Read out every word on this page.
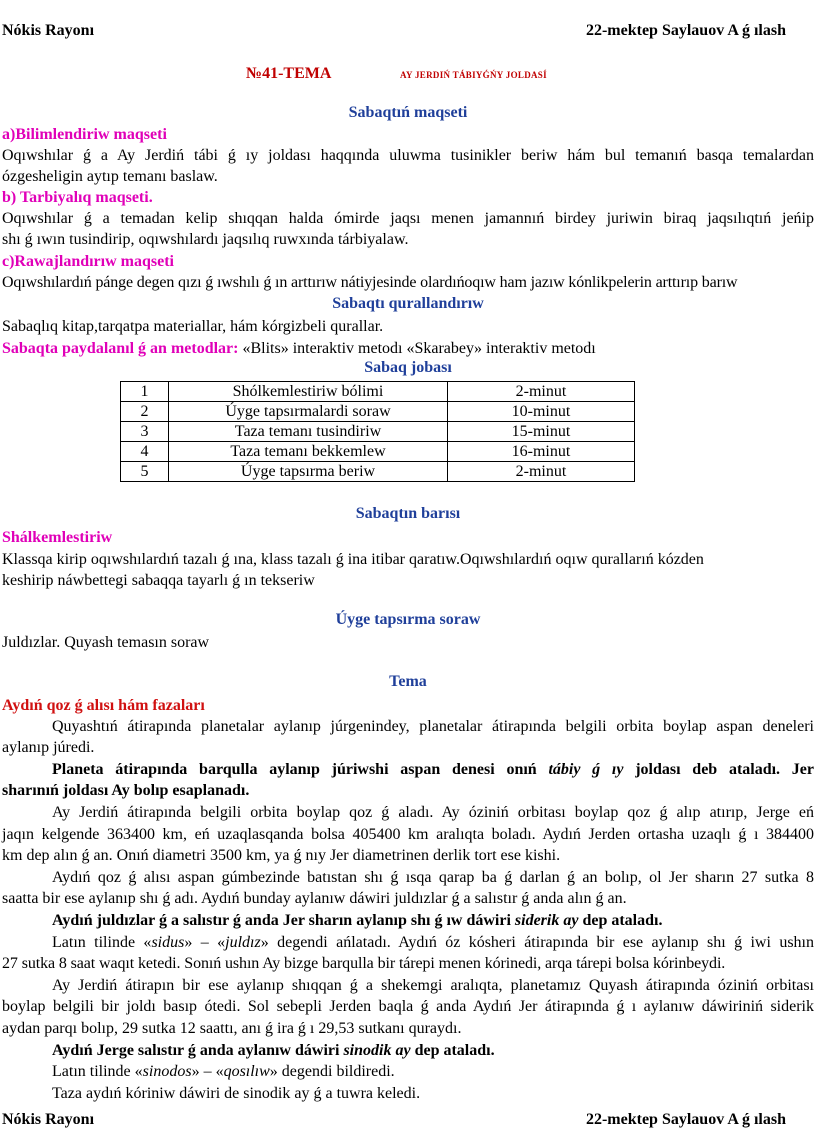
Nókis Rayonı	22-mektep Saylauov A ǵ ılash
№41-TEMA	AY JERDIŃ TÁBIYǴŃY JOLDASÍ
Sabaqtıń maqseti
a)Bilimlendiriw maqseti
Oqıwshılar ǵ a Ay Jerdiń tábi ǵ ıy joldası haqqında uluwma tusinikler beriw hám bul temanıń basqa temalardan
ózgesheligin aytıp temanı baslaw.
b) Tarbiyalıq maqseti.
Oqıwshılar ǵ a temadan kelip shıqqan halda ómirde jaqsı menen jamannıń birdey juriwin biraq jaqsılıqtıń jeńip
shı ǵ ıwın tusindirip, oqıwshılardı jaqsılıq ruwxında tárbiyalaw.
c)Rawajlandırıw maqseti
Oqıwshılardıń pánge degen qızı ǵ ıwshılı ǵ ın arttırıw nátiyjesinde olardıńoqıw ham jazıw kónlikpelerin arttırıp barıw
Sabaqtı qurallandırıw
Sabaqlıq kitap,tarqatpa materiallar, hám kórgizbeli qurallar.
Sabaqta paydalanıl ǵ an metodlar: «Blits» interaktiv metodı «Skarabey» interaktiv metodı
Sabaq jobası
1	Shólkemlestiriw bólimi	2-minut
2	Úyge tapsırmalardi soraw	10-minut
3	Taza temanı tusindiriw	15-minut
4	Taza temanı bekkemlew	16-minut
5	Úyge tapsırma beriw	2-minut
Sabaqtın barısı
Shálkemlestiriw
Klassqa kirip oqıwshılardıń tazalı ǵ ına, klass tazalı ǵ ina itibar qaratıw.Oqıwshılardıń oqıw qurallarıń kózden
keshirip náwbettegi sabaqqa tayarlı ǵ ın tekseriw
Úyge tapsırma soraw
Juldızlar. Quyash temasın soraw
Tema
Aydıń qoz ǵ alısı hám fazaları
Quyashtıń átirapında planetalar aylanıp júrgenindey, planetalar átirapında belgili orbita boylap aspan deneleri
aylanıp júredi.
Planeta átirapında barqulla aylanıp júriwshi aspan denesi onıń tábiy ǵ ıy joldası deb ataladı. Jer
sharınıń joldası Ay bolıp esaplanadı.
Ay Jerdiń átirapında belgili orbita boylap qoz ǵ aladı. Ay óziniń orbitası boylap qoz ǵ alıp atırıp, Jerge eń
jaqın kelgende 363400 km, eń uzaqlasqanda bolsa 405400 km aralıqta boladı. Aydıń Jerden ortasha uzaqlı ǵ ı 384400
km dep alın ǵ an. Onıń diametri 3500 km, ya ǵ nıy Jer diametrinen derlik tort ese kishi.
Aydıń qoz ǵ alısı aspan gúmbezinde batıstan shı ǵ ısqa qarap ba ǵ darlan ǵ an bolıp, ol Jer sharın 27 sutka 8
saatta bir ese aylanıp shı ǵ adı. Aydıń bunday aylanıw dáwiri juldızlar ǵ a salıstır ǵ anda alın ǵ an.
Aydıń juldızlar ǵ a salıstır ǵ anda Jer sharın aylanıp shı ǵ ıw dáwiri siderik ay dep ataladı.
Latın tilinde «sidus» – «juldız» degendi ańlatadı. Aydıń óz kósheri átirapında bir ese aylanıp shı ǵ iwi ushın
27 sutka 8 saat waqıt ketedi. Sonıń ushın Ay bizge barqulla bir tárepi menen kórinedi, arqa tárepi bolsa kórinbeydi.
Ay Jerdiń átirapın bir ese aylanıp shıqqan ǵ a shekemgi aralıqta, planetamız Quyash átirapında óziniń orbitası
boylap belgili bir joldı basıp ótedi. Sol sebepli Jerden baqla ǵ anda Aydıń Jer átirapında ǵ ı aylanıw dáwiriniń siderik
aydan parqı bolıp, 29 sutka 12 saattı, anı ǵ ira ǵ ı 29,53 sutkanı quraydı.
Aydıń Jerge salıstır ǵ anda aylanıw dáwiri sinodik ay dep ataladı.
Latın tilinde «sinodos» – «qosılıw» degendi bildiredi.
Taza aydıń kóriniw dáwiri de sinodik ay ǵ a tuwra keledi.
Nókis Rayonı	22-mektep Saylauov A ǵ ılash
